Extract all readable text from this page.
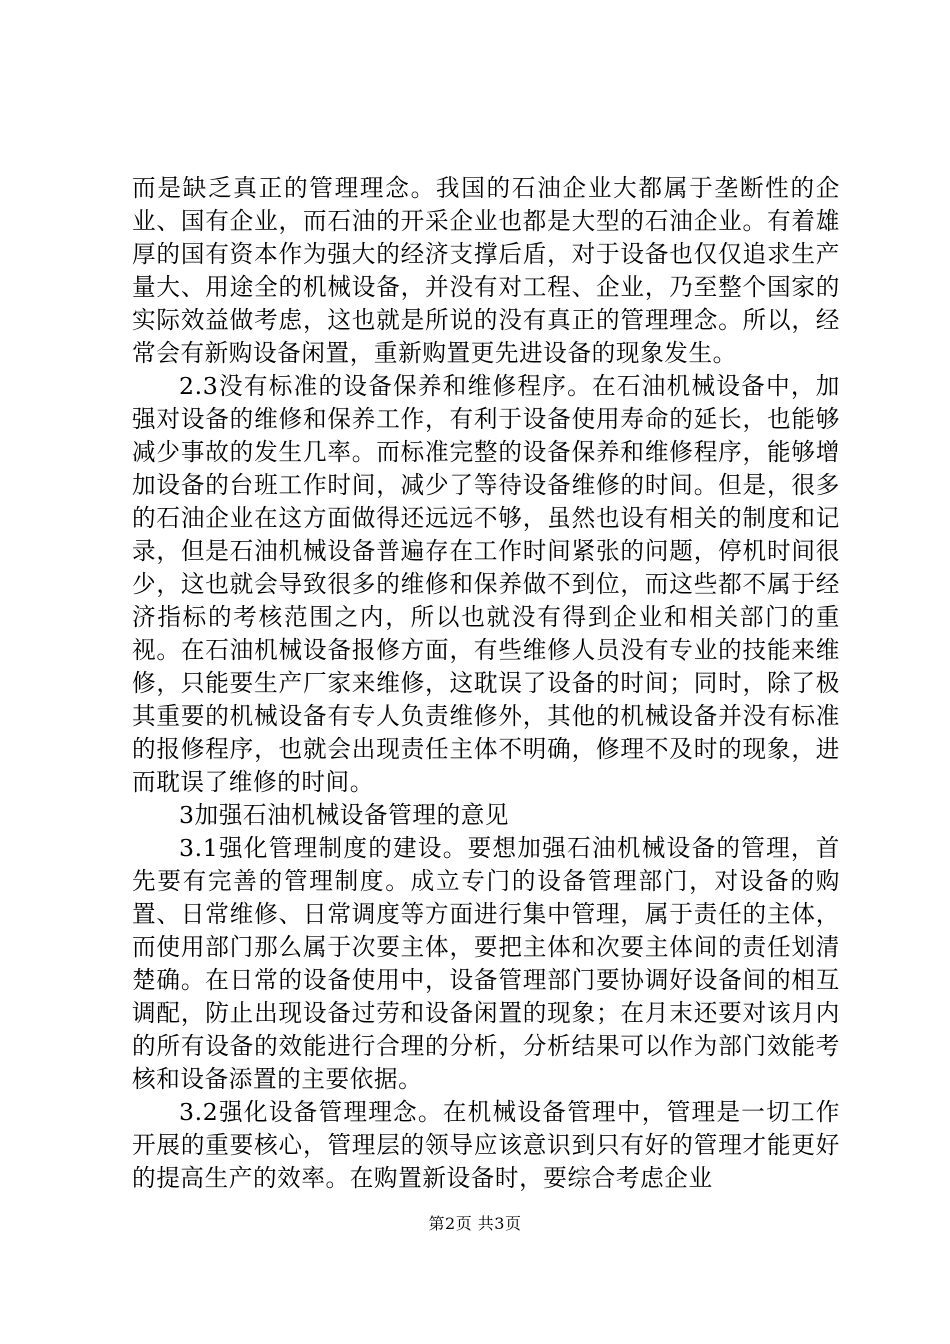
而是缺乏真正的管理理念。我国的石油企业大都属于垄断性的企业、国有企业，而石油的开采企业也都是大型的石油企业。有着雄厚的国有资本作为强大的经济支撑后盾，对于设备也仅仅追求生产量大、用途全的机械设备，并没有对工程、企业，乃至整个国家的实际效益做考虑，这也就是所说的没有真正的管理理念。所以，经常会有新购设备闲置，重新购置更先进设备的现象发生。

2.3没有标准的设备保养和维修程序。在石油机械设备中，加强对设备的维修和保养工作，有利于设备使用寿命的延长，也能够减少事故的发生几率。而标准完整的设备保养和维修程序，能够增加设备的台班工作时间，减少了等待设备维修的时间。但是，很多的石油企业在这方面做得还远远不够，虽然也设有相关的制度和记录，但是石油机械设备普遍存在工作时间紧张的问题，停机时间很少，这也就会导致很多的维修和保养做不到位，而这些都不属于经济指标的考核范围之内，所以也就没有得到企业和相关部门的重视。在石油机械设备报修方面，有些维修人员没有专业的技能来维修，只能要生产厂家来维修，这耽误了设备的时间；同时，除了极其重要的机械设备有专人负责维修外，其他的机械设备并没有标准的报修程序，也就会出现责任主体不明确，修理不及时的现象，进而耽误了维修的时间。

3加强石油机械设备管理的意见

3.1强化管理制度的建设。要想加强石油机械设备的管理，首先要有完善的管理制度。成立专门的设备管理部门，对设备的购置、日常维修、日常调度等方面进行集中管理，属于责任的主体，而使用部门那么属于次要主体，要把主体和次要主体间的责任划清楚确。在日常的设备使用中，设备管理部门要协调好设备间的相互调配，防止出现设备过劳和设备闲置的现象；在月末还要对该月内的所有设备的效能进行合理的分析，分析结果可以作为部门效能考核和设备添置的主要依据。

3.2强化设备管理理念。在机械设备管理中，管理是一切工作开展的重要核心，管理层的领导应该意识到只有好的管理才能更好的提高生产的效率。在购置新设备时，要综合考虑企业

第2页 共3页
